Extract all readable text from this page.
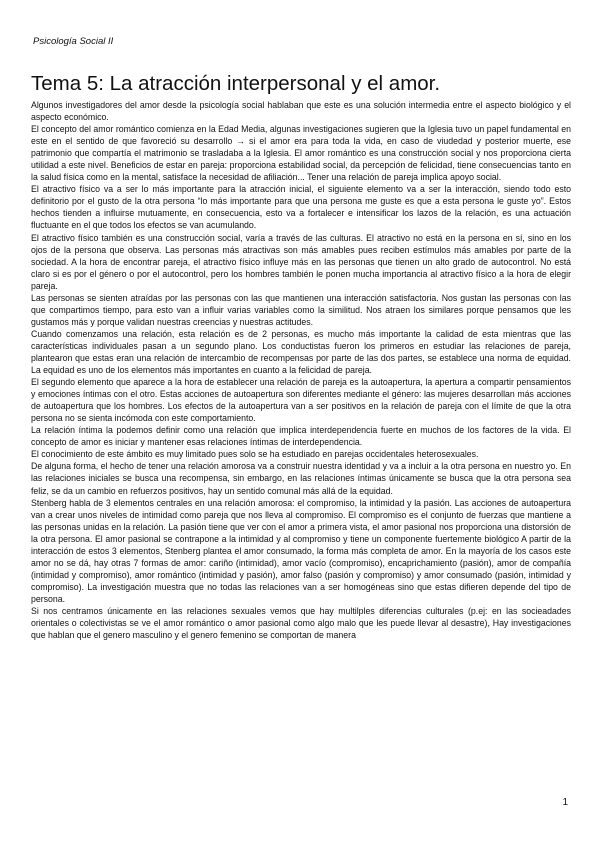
Psicología Social II
Tema 5: La atracción interpersonal y el amor.

Algunos investigadores del amor desde la psicología social hablaban que este es una solución intermedia entre el aspecto biológico y el aspecto económico.

El concepto del amor romántico comienza en la Edad Media, algunas investigaciones sugieren que la Iglesia tuvo un papel fundamental en este en el sentido de que favoreció su desarrollo → si el amor era para toda la vida, en caso de viudedad y posterior muerte, ese patrimonio que compartía el matrimonio se trasladaba a la Iglesia. El amor romántico es una construcción social y nos proporciona cierta utilidad a este nivel. Beneficios de estar en pareja: proporciona estabilidad social, da percepción de felicidad, tiene consecuencias tanto en la salud física como en la mental, satisface la necesidad de afiliación... Tener una relación de pareja implica apoyo social.

El atractivo físico va a ser lo más importante para la atracción inicial, el siguiente elemento va a ser la interacción, siendo todo esto definitorio por el gusto de la otra persona “lo más importante para que una persona me guste es que a esta persona le guste yo”. Estos hechos tienden a influirse mutuamente, en consecuencia, esto va a fortalecer e intensificar los lazos de la relación, es una actuación fluctuante en el que todos los efectos se van acumulando.

El atractivo físico también es una construcción social, varía a través de las culturas. El atractivo no está en la persona en sí, sino en los ojos de la persona que observa. Las personas más atractivas son más amables pues reciben estímulos más amables por parte de la sociedad. A la hora de encontrar pareja, el atractivo físico influye más en las personas que tienen un alto grado de autocontrol. No está claro si es por el género o por el autocontrol, pero los hombres también le ponen mucha importancia al atractivo físico a la hora de elegir pareja.

Las personas se sienten atraídas por las personas con las que mantienen una interacción satisfactoria. Nos gustan las personas con las que compartimos tiempo, para esto van a influir varias variables como la similitud. Nos atraen los similares porque pensamos que les gustamos más y porque validan nuestras creencias y nuestras actitudes.

Cuando comenzamos una relación, esta relación es de 2 personas, es mucho más importante la calidad de esta mientras que las características individuales pasan a un segundo plano. Los conductistas fueron los primeros en estudiar las relaciones de pareja, plantearon que estas eran una relación de intercambio de recompensas por parte de las dos partes, se establece una norma de equidad. La equidad es uno de los elementos más importantes en cuanto a la felicidad de pareja.

El segundo elemento que aparece a la hora de establecer una relación de pareja es la autoapertura, la apertura a compartir pensamientos y emociones íntimas con el otro. Estas acciones de autoapertura son diferentes mediante el género: las mujeres desarrollan más acciones de autoapertura que los hombres. Los efectos de la autoapertura van a ser positivos en la relación de pareja con el límite de que la otra persona no se sienta incómoda con este comportamiento.

La relación íntima la podemos definir como una relación que implica interdependencia fuerte en muchos de los factores de la vida. El concepto de amor es iniciar y mantener esas relaciones íntimas de interdependencia.

El conocimiento de este ámbito es muy limitado pues solo se ha estudiado en parejas occidentales heterosexuales.

De alguna forma, el hecho de tener una relación amorosa va a construir nuestra identidad y va a incluir a la otra persona en nuestro yo. En las relaciones iniciales se busca una recompensa, sin embargo, en las relaciones íntimas únicamente se busca que la otra persona sea feliz, se da un cambio en refuerzos positivos, hay un sentido comunal más allá de la equidad.

Stenberg habla de 3 elementos centrales en una relación amorosa: el compromiso, la intimidad y la pasión. Las acciones de autoapertura van a crear unos niveles de intimidad como pareja que nos lleva al compromiso. El compromiso es el conjunto de fuerzas que mantiene a las personas unidas en la relación. La pasión tiene que ver con el amor a primera vista, el amor pasional nos proporciona una distorsión de la otra persona. El amor pasional se contrapone a la intimidad y al compromiso y tiene un componente fuertemente biológico A partir de la interacción de estos 3 elementos, Stenberg plantea el amor consumado, la forma más completa de amor. En la mayoría de los casos este amor no se dá, hay otras 7 formas de amor: cariño (intimidad), amor vacío (compromiso), encaprichamiento (pasión), amor de compañía (intimidad y compromiso), amor romántico (intimidad y pasión), amor falso (pasión y compromiso) y amor consumado (pasión, intimidad y compromiso). La investigación muestra que no todas las relaciones van a ser homogéneas sino que estas difieren depende del tipo de persona.

Si nos centramos únicamente en las relaciones sexuales vemos que hay multilples diferencias culturales (p.ej: en las socieadades orientales o colectivistas se ve el amor romántico o amor pasional como algo malo que les puede llevar al desastre), Hay investigaciones que hablan que el genero masculino y el genero femenino se comportan de manera

1
